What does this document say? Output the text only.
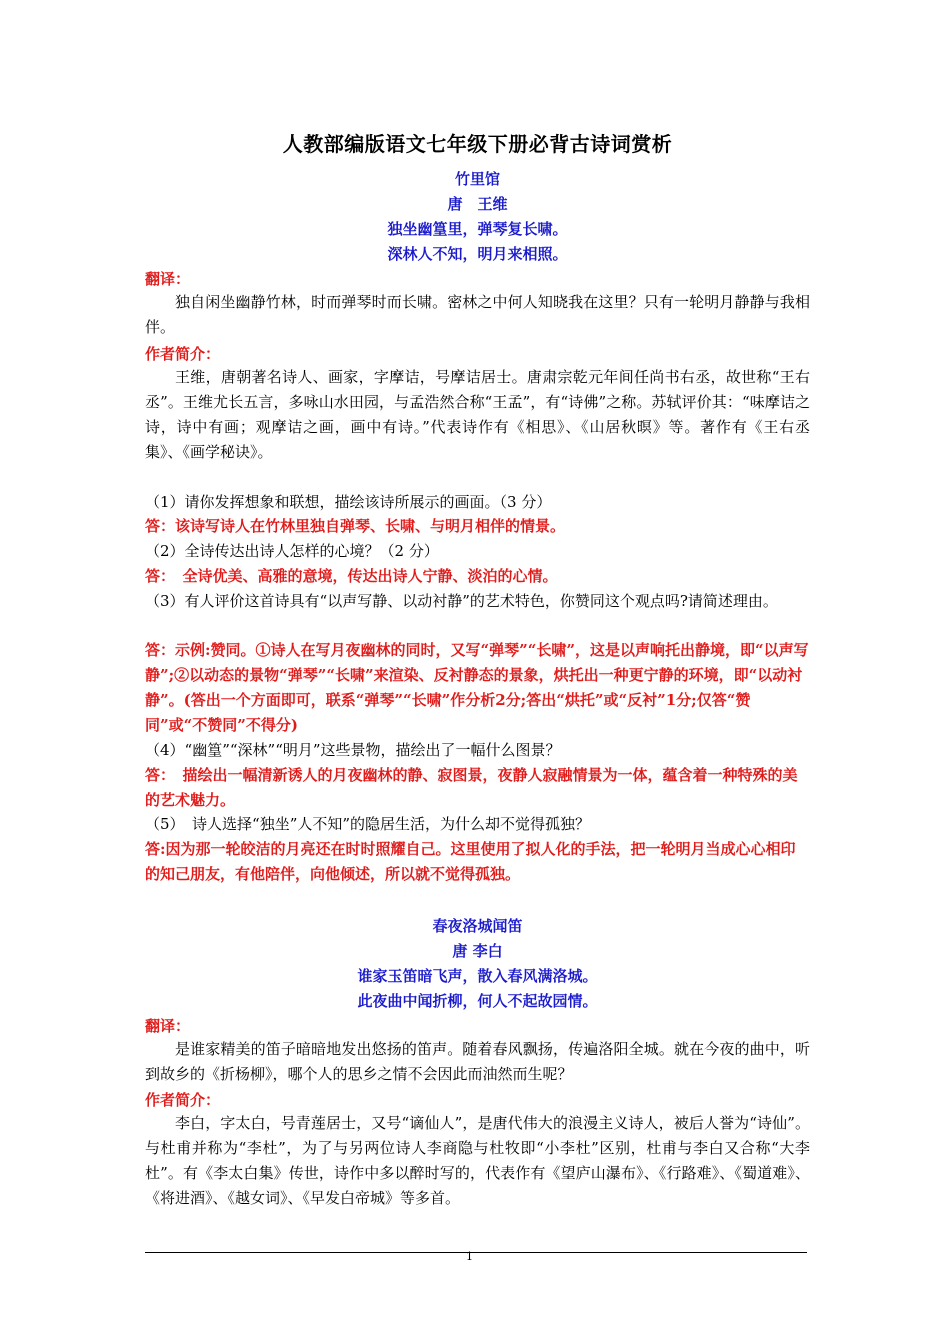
人教部编版语文七年级下册必背古诗词赏析
竹里馆
唐　王维
独坐幽篁里，弹琴复长啸。
深林人不知，明月来相照。
翻译：
独自闲坐幽静竹林，时而弹琴时而长啸。密林之中何人知晓我在这里？只有一轮明月静静与我相伴。
作者简介：
王维，唐朝著名诗人、画家，字摩诘，号摩诘居士。唐肃宗乾元年间任尚书右丞，故世称“王右丞”。王维尤长五言，多咏山水田园，与孟浩然合称“王孟”，有“诗佛”之称。苏轼评价其：“味摩诘之诗，诗中有画；观摩诘之画，画中有诗。”代表诗作有《相思》、《山居秋暝》等。著作有《王右丞集》、《画学秘诀》。
（1）请你发挥想象和联想，描绘该诗所展示的画面。（3 分）
答：该诗写诗人在竹林里独自弹琴、长啸、与明月相伴的情景。
（2）全诗传达出诗人怎样的心境？（2 分）
答：　全诗优美、高雅的意境，传达出诗人宁静、淡泊的心情。
（3）有人评价这首诗具有“以声写静、以动衬静”的艺术特色，你赞同这个观点吗?请简述理由。
答：示例:赞同。①诗人在写月夜幽林的同时，又写“弹琴”“长啸”，这是以声响托出静境，即“以声写静”;②以动态的景物“弹琴”“长啸”来渲染、反衬静态的景象，烘托出一种更宁静的环境，即“以动衬静”。(答出一个方面即可，联系“弹琴”“长啸”作分析2分;答出“烘托”或“反衬”1分;仅答“赞同”或“不赞同”不得分)
（4）“幽篁”“深林”“明月”这些景物，描绘出了一幅什么图景？
答：　描绘出一幅清新诱人的月夜幽林的静、寂图景，夜静人寂融情景为一体，蕴含着一种特殊的美的艺术魅力。
（5）　诗人选择“独坐”人不知”的隐居生活，为什么却不觉得孤独？
答:因为那一轮皎洁的月亮还在时时照耀自己。这里使用了拟人化的手法，把一轮明月当成心心相印的知己朋友，有他陪伴，向他倾述，所以就不觉得孤独。
春夜洛城闻笛
唐 李白
谁家玉笛暗飞声，散入春风满洛城。
此夜曲中闻折柳，何人不起故园情。
翻译：
是谁家精美的笛子暗暗地发出悠扬的笛声。随着春风飘扬，传遍洛阳全城。就在今夜的曲中，听到故乡的《折杨柳》，哪个人的思乡之情不会因此而油然而生呢？
作者简介：
李白，字太白，号青莲居士，又号“谪仙人”，是唐代伟大的浪漫主义诗人，被后人誉为“诗仙”。与杜甫并称为“李杜”，为了与另两位诗人李商隐与杜牧即“小李杜”区别，杜甫与李白又合称“大李杜”。有《李太白集》传世，诗作中多以醉时写的，代表作有《望庐山瀑布》、《行路难》、《蜀道难》、《将进酒》、《越女词》、《早发白帝城》等多首。
1
